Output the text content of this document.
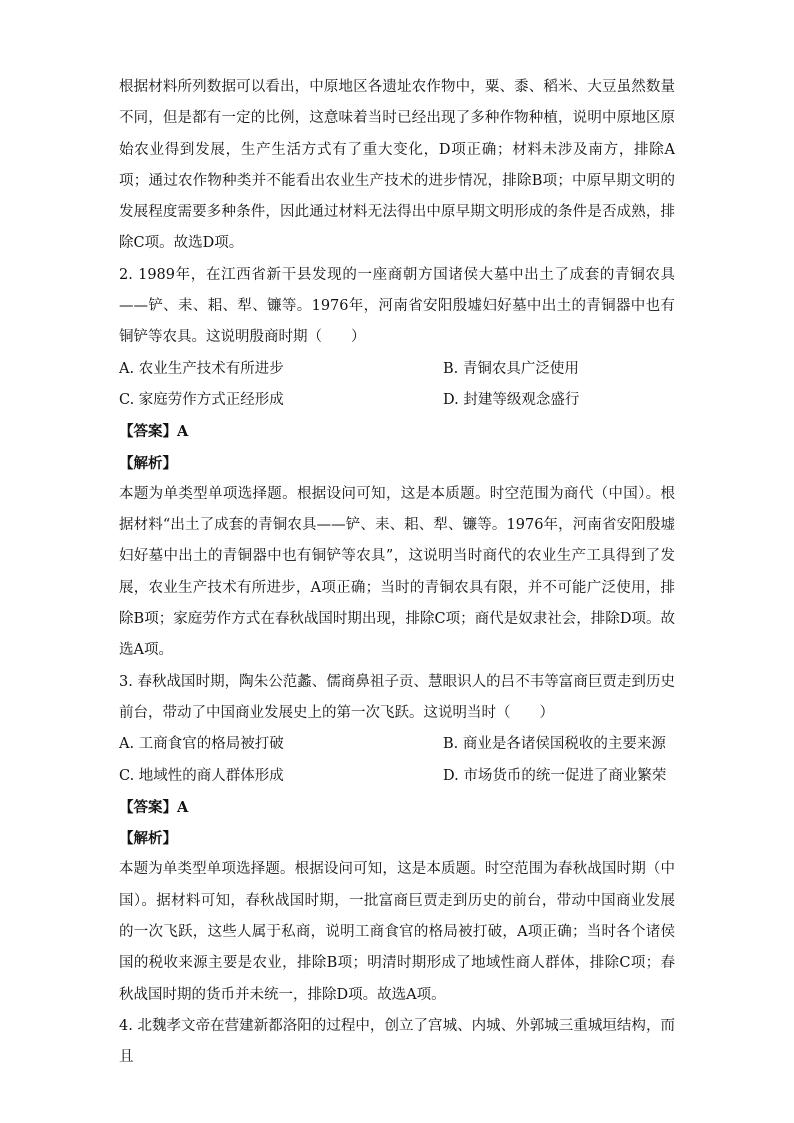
根据材料所列数据可以看出，中原地区各遗址农作物中，粟、黍、稻米、大豆虽然数量不同，但是都有一定的比例，这意味着当时已经出现了多种作物种植，说明中原地区原始农业得到发展，生产生活方式有了重大变化，D项正确；材料未涉及南方，排除A项；通过农作物种类并不能看出农业生产技术的进步情况，排除B项；中原早期文明的发展程度需要多种条件，因此通过材料无法得出中原早期文明形成的条件是否成熟，排除C项。故选D项。

2. 1989年，在江西省新干县发现的一座商朝方国诸侯大墓中出土了成套的青铜农具——铲、耒、耜、犁、镰等。1976年，河南省安阳殷墟妇好墓中出土的青铜器中也有铜铲等农具。这说明殷商时期（　　）

A. 农业生产技术有所进步	B. 青铜农具广泛使用
C. 家庭劳作方式正经形成	D. 封建等级观念盛行
【答案】A
【解析】

本题为单类型单项选择题。根据设问可知，这是本质题。时空范围为商代（中国）。根据材料“出土了成套的青铜农具——铲、耒、耜、犁、镰等。1976年，河南省安阳殷墟妇好墓中出土的青铜器中也有铜铲等农具”，这说明当时商代的农业生产工具得到了发展，农业生产技术有所进步，A项正确；当时的青铜农具有限，并不可能广泛使用，排除B项；家庭劳作方式在春秋战国时期出现，排除C项；商代是奴隶社会，排除D项。故选A项。

3. 春秋战国时期，陶朱公范蠡、儒商鼻祖子贡、慧眼识人的吕不韦等富商巨贾走到历史前台，带动了中国商业发展史上的第一次飞跃。这说明当时（　　）

A. 工商食官的格局被打破	B. 商业是各诸侯国税收的主要来源
C. 地域性的商人群体形成	D. 市场货币的统一促进了商业繁荣
【答案】A
【解析】

本题为单类型单项选择题。根据设问可知，这是本质题。时空范围为春秋战国时期（中国）。据材料可知，春秋战国时期，一批富商巨贾走到历史的前台，带动中国商业发展的一次飞跃，这些人属于私商，说明工商食官的格局被打破，A项正确；当时各个诸侯国的税收来源主要是农业，排除B项；明清时期形成了地域性商人群体，排除C项；春秋战国时期的货币并未统一，排除D项。故选A项。

4. 北魏孝文帝在营建新都洛阳的过程中，创立了宫城、内城、外郭城三重城垣结构，而且
